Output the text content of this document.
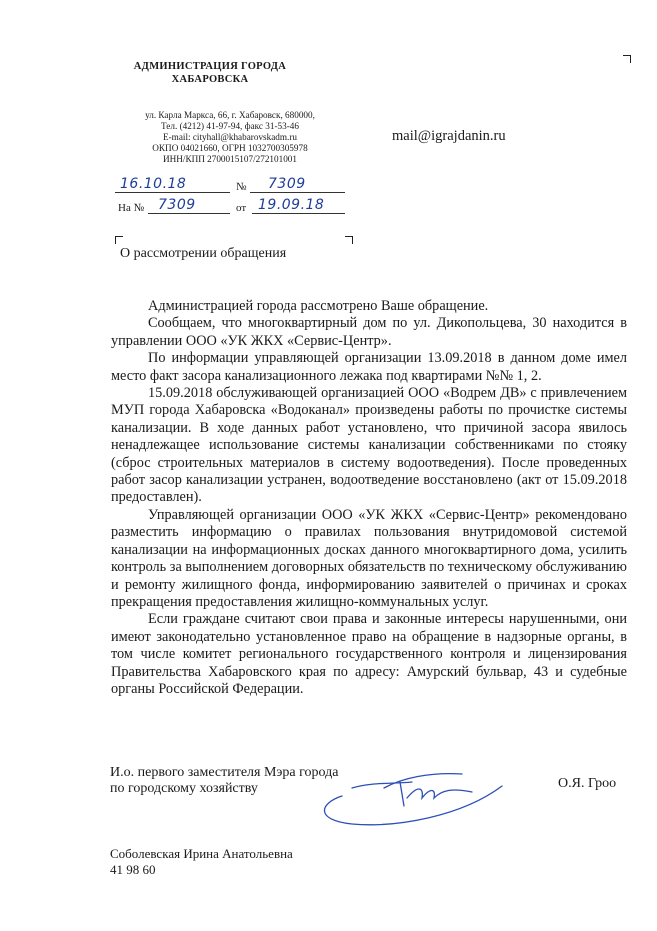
АДМИНИСТРАЦИЯ ГОРОДА
ХАБАРОВСКА
ул. Карла Маркса, 66, г. Хабаровск, 680000,
Тел. (4212) 41-97-94, факс 31-53-46
E-mail: cityhall@khabarovskadm.ru
ОКПО 04021660, ОГРН 1032700305978
ИНН/КПП 2700015107/272101001
mail@igrajdanin.ru
16.10.18	№ 7309
На № 7309	от 19.09.18
О рассмотрении обращения

Администрацией города рассмотрено Ваше обращение.

Сообщаем, что многоквартирный дом по ул. Дикопольцева, 30 находится в управлении ООО «УК ЖКХ «Сервис-Центр».

По информации управляющей организации 13.09.2018 в данном доме имел место факт засора канализационного лежака под квартирами №№ 1, 2.

15.09.2018 обслуживающей организацией ООО «Водрем ДВ» с привлечением МУП города Хабаровска «Водоканал» произведены работы по прочистке системы канализации. В ходе данных работ установлено, что причиной засора явилось ненадлежащее использование системы канализации собственниками по стояку (сброс строительных материалов в систему водоотведения). После проведенных работ засор канализации устранен, водоотведение восстановлено (акт от 15.09.2018 предоставлен).

Управляющей организации ООО «УК ЖКХ «Сервис-Центр» рекомендовано разместить информацию о правилах пользования внутридомовой системой канализации на информационных досках данного многоквартирного дома, усилить контроль за выполнением договорных обязательств по техническому обслуживанию и ремонту жилищного фонда, информированию заявителей о причинах и сроках прекращения предоставления жилищно-коммунальных услуг.

Если граждане считают свои права и законные интересы нарушенными, они имеют законодательно установленное право на обращение в надзорные органы, в том числе комитет регионального государственного контроля и лицензирования Правительства Хабаровского края по адресу: Амурский бульвар, 43 и судебные органы Российской Федерации.

И.о. первого заместителя Мэра города
по городскому хозяйству	О.Я. Гроо
Соболевская Ирина Анатольевна
41 98 60
